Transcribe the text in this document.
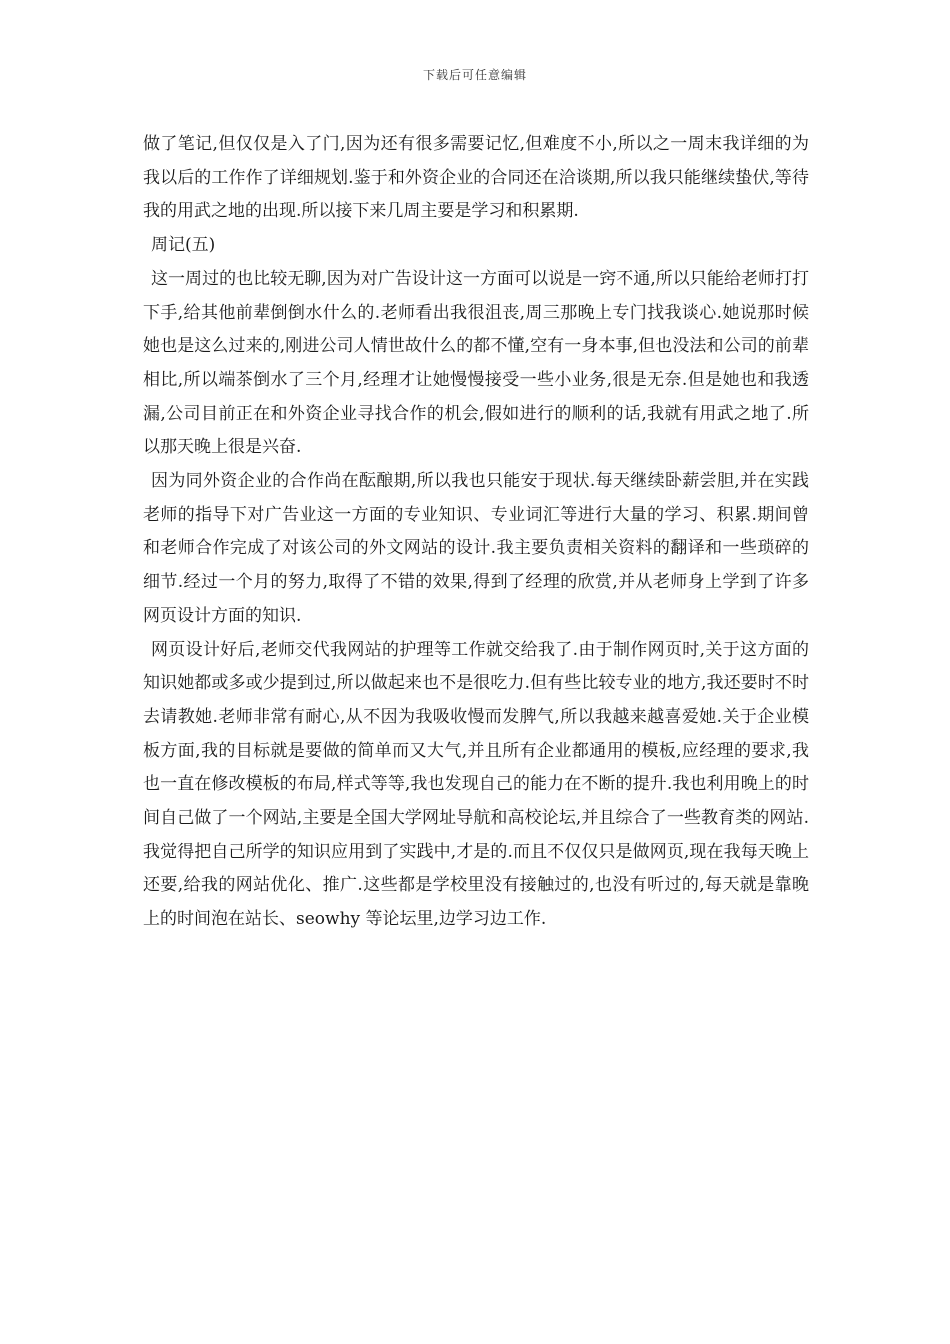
下载后可任意编辑

做了笔记,但仅仅是入了门,因为还有很多需要记忆,但难度不小,所以之一周末我详细的为我以后的工作作了详细规划.鉴于和外资企业的合同还在洽谈期,所以我只能继续蛰伏,等待我的用武之地的出现.所以接下来几周主要是学习和积累期.

周记(五)

这一周过的也比较无聊,因为对广告设计这一方面可以说是一窍不通,所以只能给老师打打下手,给其他前辈倒倒水什么的.老师看出我很沮丧,周三那晚上专门找我谈心.她说那时候她也是这么过来的,刚进公司人情世故什么的都不懂,空有一身本事,但也没法和公司的前辈相比,所以端茶倒水了三个月,经理才让她慢慢接受一些小业务,很是无奈.但是她也和我透漏,公司目前正在和外资企业寻找合作的机会,假如进行的顺利的话,我就有用武之地了.所以那天晚上很是兴奋.

因为同外资企业的合作尚在酝酿期,所以我也只能安于现状.每天继续卧薪尝胆,并在实践老师的指导下对广告业这一方面的专业知识、专业词汇等进行大量的学习、积累.期间曾和老师合作完成了对该公司的外文网站的设计.我主要负责相关资料的翻译和一些琐碎的细节.经过一个月的努力,取得了不错的效果,得到了经理的欣赏,并从老师身上学到了许多网页设计方面的知识.

网页设计好后,老师交代我网站的护理等工作就交给我了.由于制作网页时,关于这方面的知识她都或多或少提到过,所以做起来也不是很吃力.但有些比较专业的地方,我还要时不时去请教她.老师非常有耐心,从不因为我吸收慢而发脾气,所以我越来越喜爱她.关于企业模板方面,我的目标就是要做的简单而又大气,并且所有企业都通用的模板,应经理的要求,我也一直在修改模板的布局,样式等等,我也发现自己的能力在不断的提升.我也利用晚上的时间自己做了一个网站,主要是全国大学网址导航和高校论坛,并且综合了一些教育类的网站.我觉得把自己所学的知识应用到了实践中,才是的.而且不仅仅只是做网页,现在我每天晚上还要,给我的网站优化、推广.这些都是学校里没有接触过的,也没有听过的,每天就是靠晚上的时间泡在站长、seowhy 等论坛里,边学习边工作.
